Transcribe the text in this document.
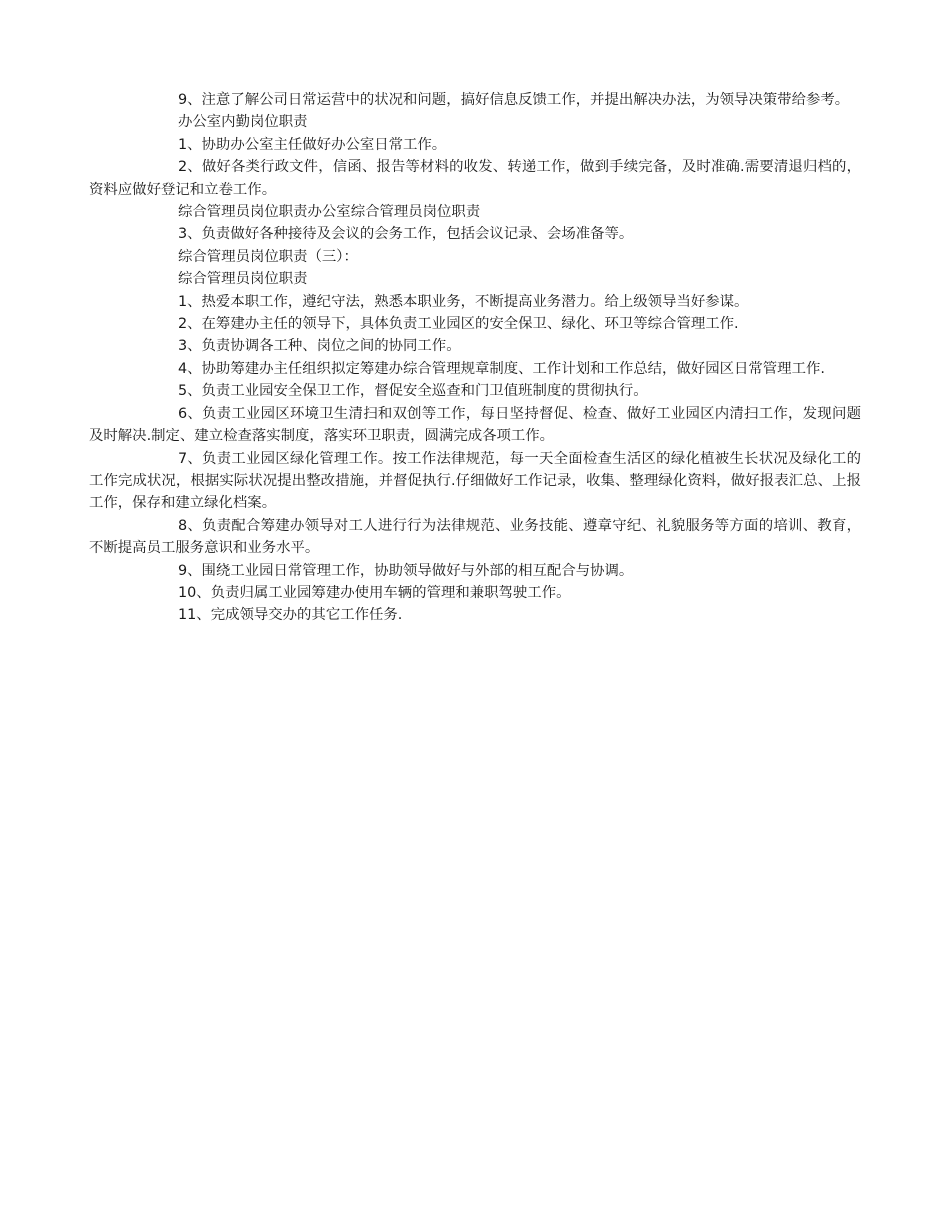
9、注意了解公司日常运营中的状况和问题，搞好信息反馈工作，并提出解决办法，为领导决策带给参考。

办公室内勤岗位职责

1、协助办公室主任做好办公室日常工作。

2、做好各类行政文件，信函、报告等材料的收发、转递工作，做到手续完备，及时准确.需要清退归档的，资料应做好登记和立卷工作。

综合管理员岗位职责办公室综合管理员岗位职责

3、负责做好各种接待及会议的会务工作，包括会议记录、会场准备等。

综合管理员岗位职责（三）：

综合管理员岗位职责

1、热爱本职工作，遵纪守法，熟悉本职业务，不断提高业务潜力。给上级领导当好参谋。

2、在筹建办主任的领导下，具体负责工业园区的安全保卫、绿化、环卫等综合管理工作.

3、负责协调各工种、岗位之间的协同工作。

4、协助筹建办主任组织拟定筹建办综合管理规章制度、工作计划和工作总结，做好园区日常管理工作.

5、负责工业园安全保卫工作，督促安全巡查和门卫值班制度的贯彻执行。

6、负责工业园区环境卫生清扫和双创等工作，每日坚持督促、检查、做好工业园区内清扫工作，发现问题及时解决.制定、建立检查落实制度，落实环卫职责，圆满完成各项工作。

7、负责工业园区绿化管理工作。按工作法律规范，每一天全面检查生活区的绿化植被生长状况及绿化工的工作完成状况，根据实际状况提出整改措施，并督促执行.仔细做好工作记录，收集、整理绿化资料，做好报表汇总、上报工作，保存和建立绿化档案。

8、负责配合筹建办领导对工人进行行为法律规范、业务技能、遵章守纪、礼貌服务等方面的培训、教育，不断提高员工服务意识和业务水平。

9、围绕工业园日常管理工作，协助领导做好与外部的相互配合与协调。

10、负责归属工业园筹建办使用车辆的管理和兼职驾驶工作。

11、完成领导交办的其它工作任务.
